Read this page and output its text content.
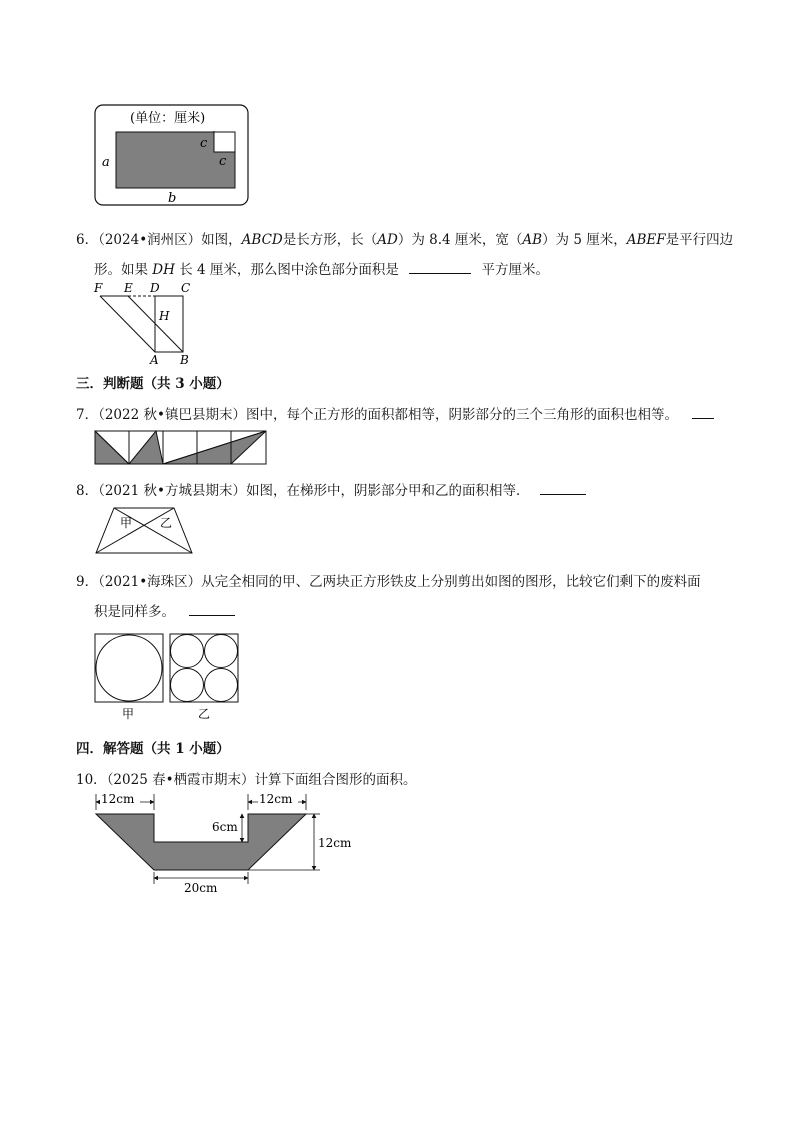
(单位：厘米)
a
b
c
c
6．（2024•润州区）如图，ABCD是长方形，长（AD）为 8.4 厘米，宽（AB）为 5 厘米，ABEF是平行四边
形。如果 DH 长 4 厘米，那么图中涂色部分面积是	平方厘米。
F E D C
H
A B
三．判断题（共 3 小题）
7．（2022 秋•镇巴县期末）图中，每个正方形的面积都相等，阴影部分的三个三角形的面积也相等。
8．（2021 秋•方城县期末）如图，在梯形中，阴影部分甲和乙的面积相等．
甲 乙
9．（2021•海珠区）从完全相同的甲、乙两块正方形铁皮上分别剪出如图的图形，比较它们剩下的废料面
积是同样多。
甲	乙
四．解答题（共 1 小题）
10．（2025 春•栖霞市期末）计算下面组合图形的面积。
12cm	12cm
6cm
12cm
20cm
